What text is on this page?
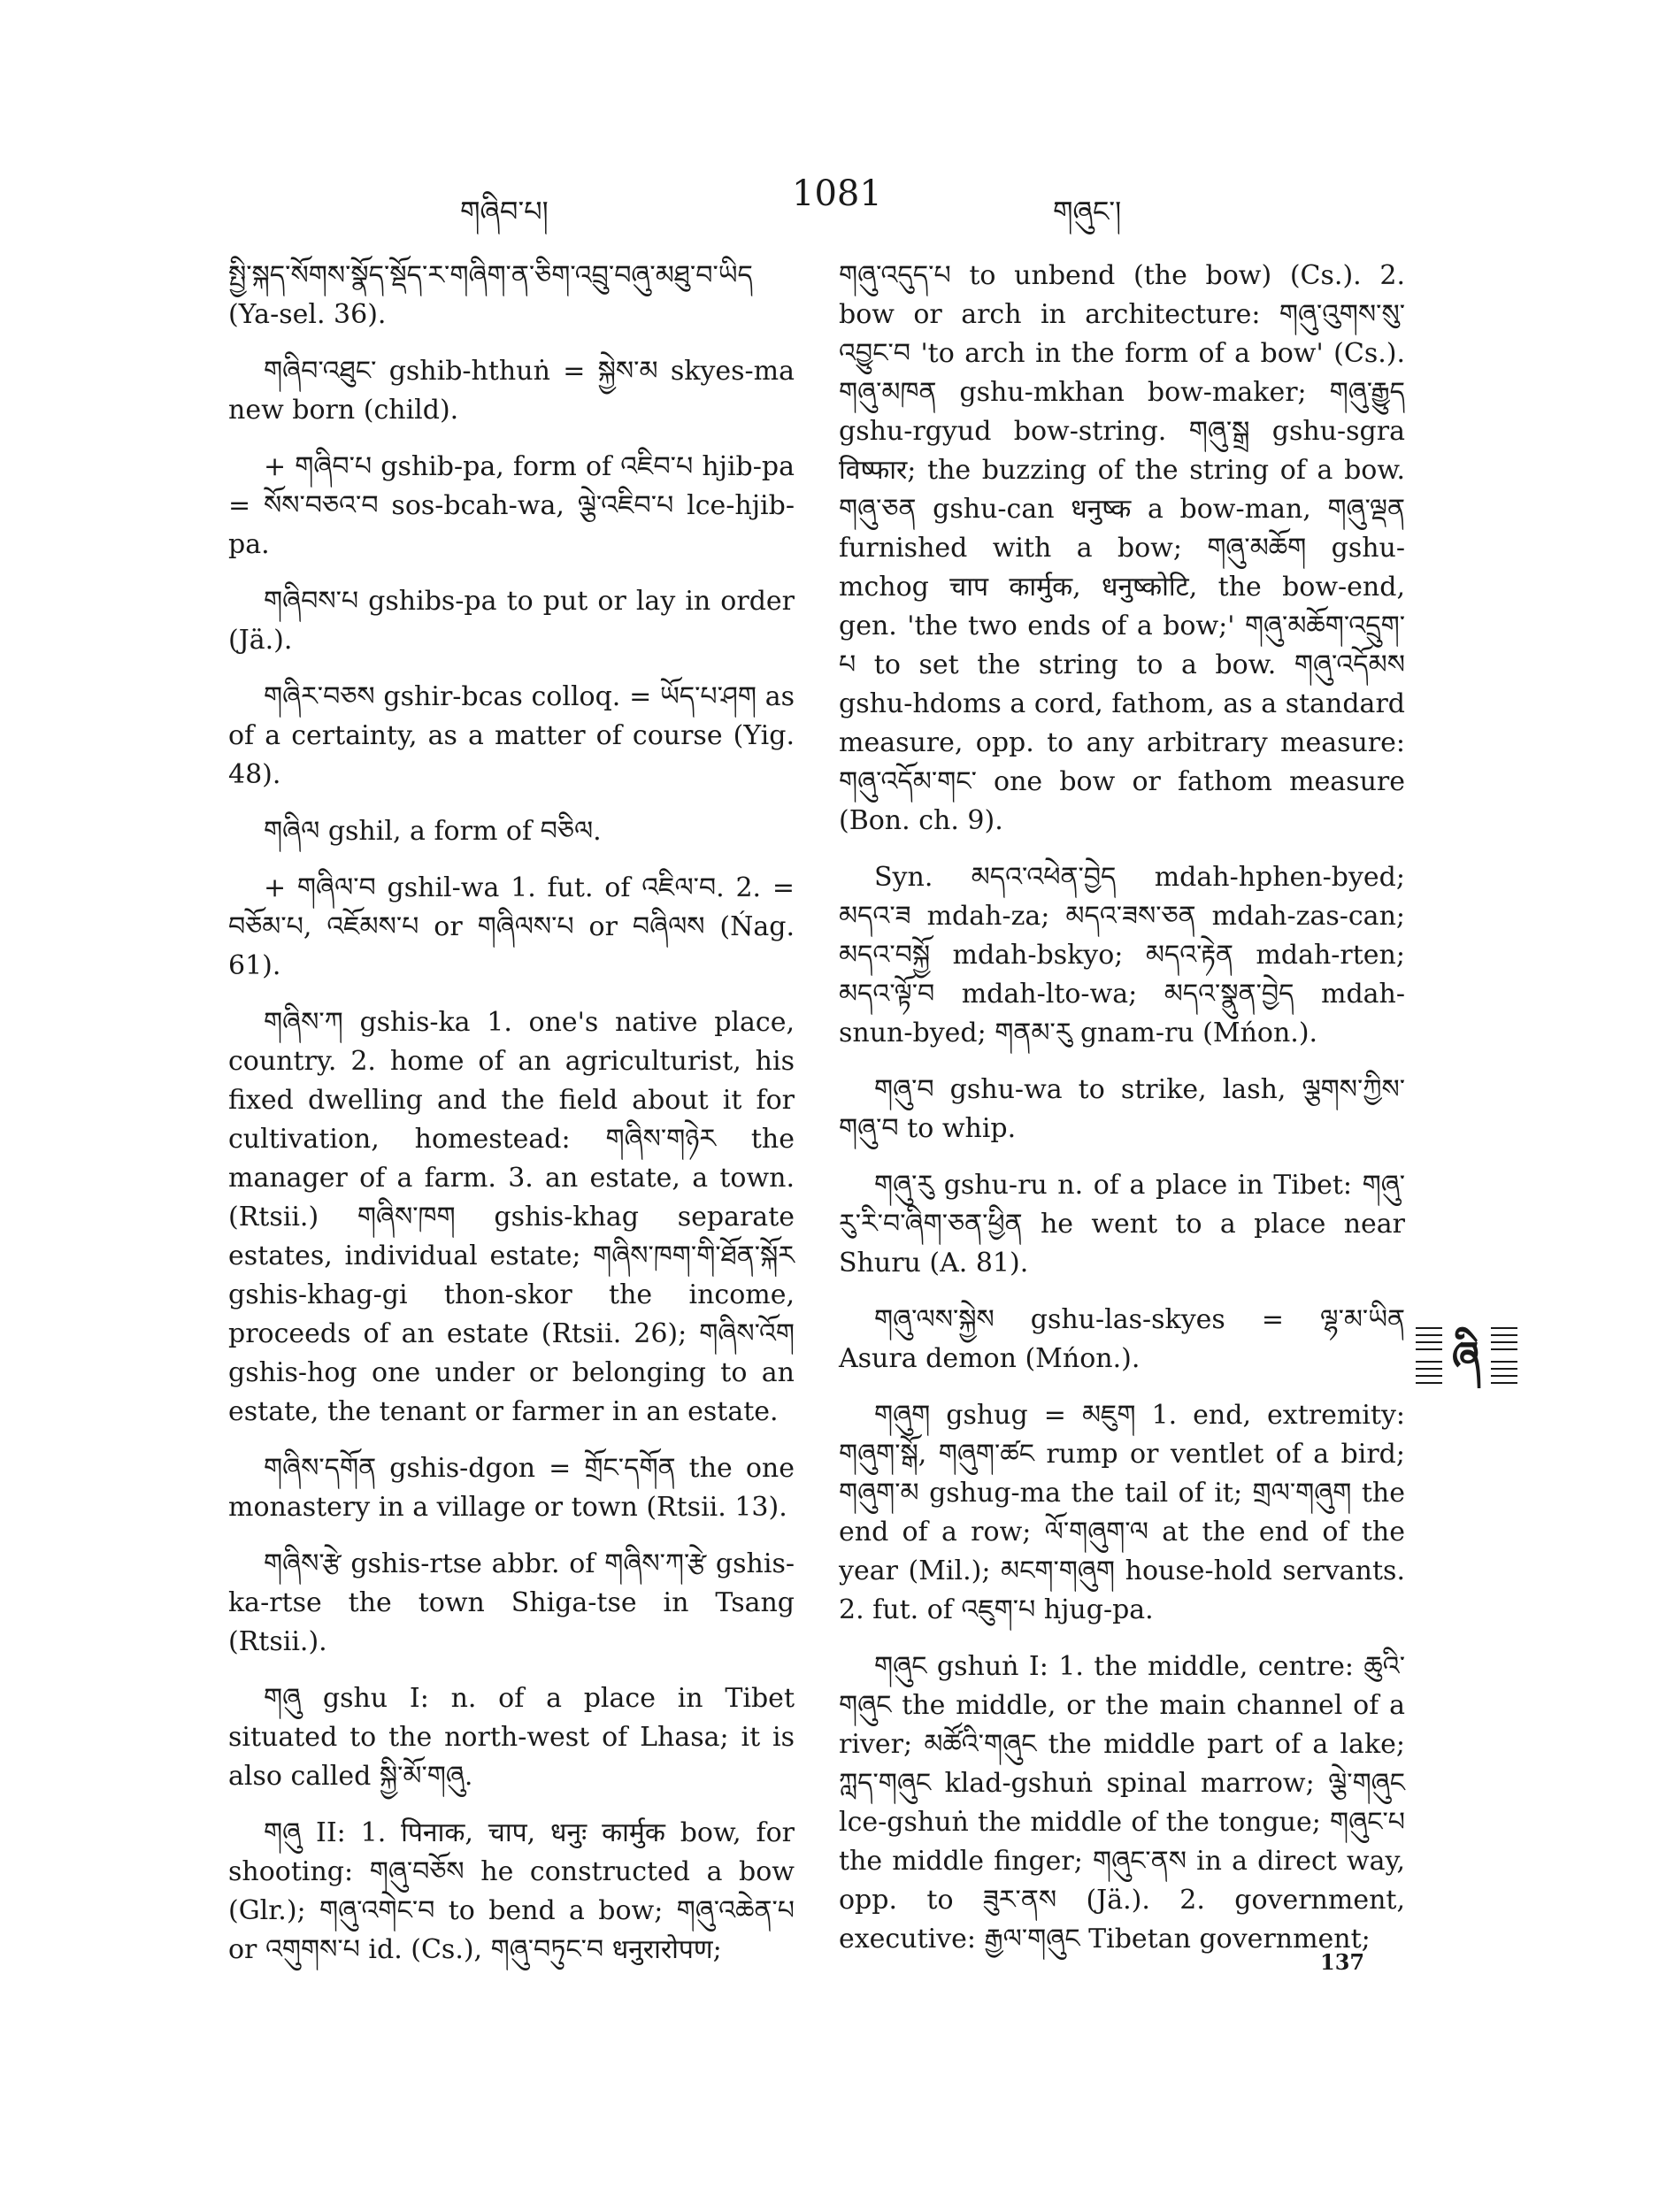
གཞིབ་པ།	1081	གཞུང་།

སྤྱི་སྐད་སོགས་སྣོད་སྡོད་ར་གཞིག་ན་ཅིག་འབྲུ་བཞུ་མཐུ་བ་ཡིད (Ya-sel. 36).

གཞིབ་འཐུང་ gshib-hthuṅ = སྐྱེས་མ skyes-ma new born (child).

+ གཞིབ་པ gshib-pa, form of འཇིབ་པ hjib-pa = སོས་བཅའ་བ sos-bcah-wa, ལྕེ་འཇིབ་པ lce-hjib-pa.

གཞིབས་པ gshibs-pa to put or lay in order (Jä.).

གཞིར་བཅས gshir-bcas colloq. = ཡོད་པ་ཤག as of a certainty, as a matter of course (Yig. 48).

གཞིལ gshil, a form of བཅིལ.

+ གཞིལ་བ gshil-wa 1. fut. of འཇིལ་བ. 2. = བཅོམ་པ, འཇོམས་པ or གཞིལས་པ or བཞིལས (Ńag. 61).

གཞིས་ཀ gshis-ka 1. one's native place, country. 2. home of an agriculturist, his fixed dwelling and the field about it for cultivation, homestead: གཞིས་གཉེར the manager of a farm. 3. an estate, a town. (Rtsii.) གཞིས་ཁག gshis-khag separate estates, individual estate; གཞིས་ཁག་གི་ཐོན་སྐོར gshis-khag-gi thon-skor the income, proceeds of an estate (Rtsii. 26); གཞིས་འོག gshis-hog one under or belonging to an estate, the tenant or farmer in an estate.

གཞིས་དགོན gshis-dgon = གྲོང་དགོན the one monastery in a village or town (Rtsii. 13).

གཞིས་རྩེ gshis-rtse abbr. of གཞིས་ཀ་རྩེ gshis-ka-rtse the town Shiga-tse in Tsang (Rtsii.).

གཞུ gshu I: n. of a place in Tibet situated to the north-west of Lhasa; it is also called སྐྱི་མོ་གཞུ.

གཞུ II: 1. पिनाक, चाप, धनुः कार्मुक bow, for shooting: གཞུ་བཅོས he constructed a bow (Glr.); གཞུ་འགེང་བ to bend a bow; གཞུ་འཆེན་པ or འགུགས་པ id. (Cs.), གཞུ་བཏུང་བ धनुरारोपण;

གཞུ་འདུད་པ to unbend (the bow) (Cs.). 2. bow or arch in architecture: གཞུ་འུགས་སུ་འབྱུང་བ 'to arch in the form of a bow' (Cs.). གཞུ་མཁན gshu-mkhan bow-maker; གཞུ་རྒྱུད gshu-rgyud bow-string. གཞུ་སྒྲ gshu-sgra विष्फार; the buzzing of the string of a bow. གཞུ་ཅན gshu-can धनुष्क a bow-man, གཞུ་ལྡན furnished with a bow; གཞུ་མཆོག gshu-mchog चाप कार्मुक, धनुष्कोटि, the bow-end, gen. 'the two ends of a bow;' གཞུ་མཆོག་འདྲུག་པ to set the string to a bow. གཞུ་འདོམས gshu-hdoms a cord, fathom, as a standard measure, opp. to any arbitrary measure: གཞུ་འདོམ་གང་ one bow or fathom measure (Bon. ch. 9).

Syn. མདའ་འཕེན་བྱེད mdah-hphen-byed; མདའ་ཟ mdah-za; མདའ་ཟས་ཅན mdah-zas-can; མདའ་བསྐྱོ mdah-bskyo; མདའ་རྟེན mdah-rten; མདའ་ལྟོ་བ mdah-lto-wa; མདའ་སྣུན་བྱེད mdah-snun-byed; གནམ་རུ gnam-ru (Mńon.).

གཞུ་བ gshu-wa to strike, lash, ལྕགས་ཀྱིས་གཞུ་བ to whip.

གཞུ་རུ gshu-ru n. of a place in Tibet: གཞུ་རུ་རི་བ་ཞིག་ཅན་ཕྱིན he went to a place near Shuru (A. 81).

གཞུ་ལས་སྐྱེས gshu-las-skyes = ལྷ་མ་ཡིན Asura demon (Mńon.).

གཞུག gshug = མཇུག 1. end, extremity: གཞུག་སྒོ, གཞུག་ཚང rump or ventlet of a bird; གཞུག་མ gshug-ma the tail of it; གྲལ་གཞུག the end of a row; ལོ་གཞུག་ལ at the end of the year (Mil.); མངག་གཞུག house-hold servants. 2. fut. of འཇུག་པ hjug-pa.

གཞུང gshuṅ I: 1. the middle, centre: ཆུའི་གཞུང the middle, or the main channel of a river; མཚོའི་གཞུང the middle part of a lake; ཀླད་གཞུང klad-gshuṅ spinal marrow; ལྕེ་གཞུང lce-gshuṅ the middle of the tongue; གཞུང་པ the middle finger; གཞུང་ནས in a direct way, opp. to ཟུར་ནས (Jä.). 2. government, executive: རྒྱལ་གཞུང Tibetan government;

ཞི
137
